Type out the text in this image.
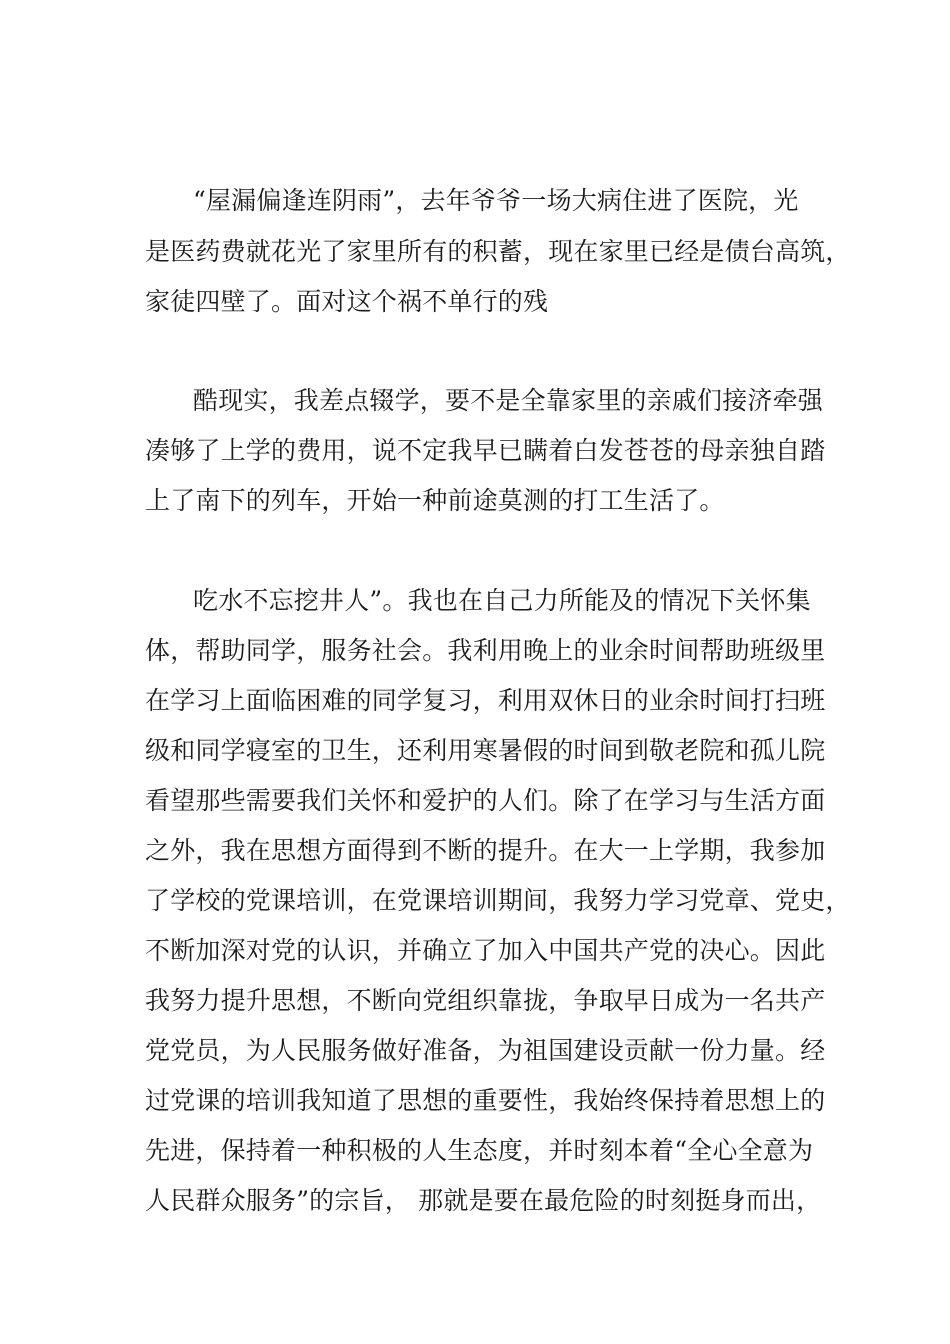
“屋漏偏逢连阴雨”，去年爷爷一场大病住进了医院，光
是医药费就花光了家里所有的积蓄，现在家里已经是债台高筑，
家徒四壁了。面对这个祸不单行的残
酷现实，我差点辍学，要不是全靠家里的亲戚们接济牵强
凑够了上学的费用，说不定我早已瞒着白发苍苍的母亲独自踏
上了南下的列车，开始一种前途莫测的打工生活了。
吃水不忘挖井人”。我也在自己力所能及的情况下关怀集
体，帮助同学，服务社会。我利用晚上的业余时间帮助班级里
在学习上面临困难的同学复习，利用双休日的业余时间打扫班
级和同学寝室的卫生，还利用寒暑假的时间到敬老院和孤儿院
看望那些需要我们关怀和爱护的人们。除了在学习与生活方面
之外，我在思想方面得到不断的提升。在大一上学期，我参加
了学校的党课培训，在党课培训期间，我努力学习党章、党史，
不断加深对党的认识，并确立了加入中国共产党的决心。因此
我努力提升思想，不断向党组织靠拢，争取早日成为一名共产
党党员，为人民服务做好准备，为祖国建设贡献一份力量。经
过党课的培训我知道了思想的重要性，我始终保持着思想上的
先进，保持着一种积极的人生态度，并时刻本着“全心全意为
人民群众服务”的宗旨， 那就是要在最危险的时刻挺身而出，
